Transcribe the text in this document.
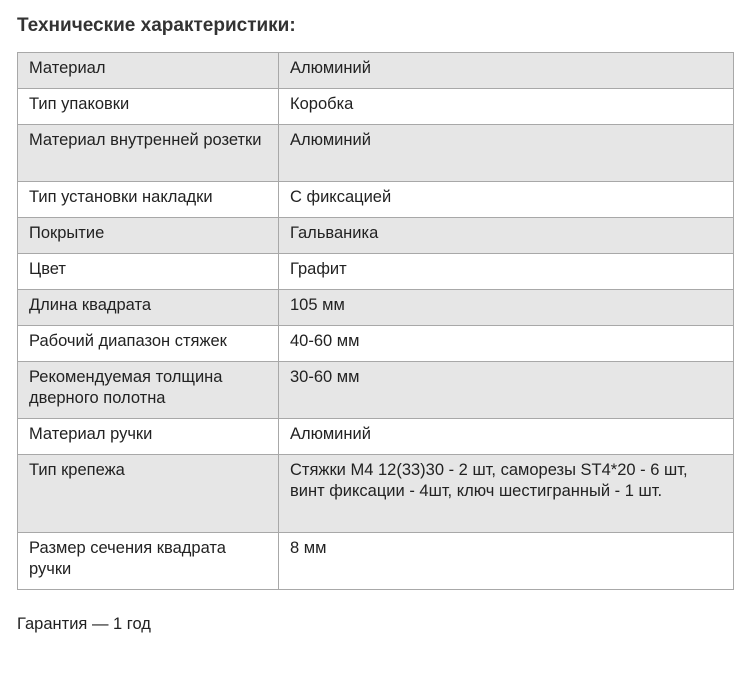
Технические характеристики:
Материал	Алюминий
Тип упаковки	Коробка
Материал внутренней розетки	Алюминий
Тип установки накладки	С фиксацией
Покрытие	Гальваника
Цвет	Графит
Длина квадрата	105 мм
Рабочий диапазон стяжек	40-60 мм
Рекомендуемая толщина дверного полотна	30-60 мм
Материал ручки	Алюминий
Тип крепежа	Стяжки М4 12(33)30 - 2 шт, саморезы ST4*20 - 6 шт, винт фиксации - 4шт, ключ шестигранный - 1 шт.
Размер сечения квадрата ручки	8 мм
Гарантия — 1 год
